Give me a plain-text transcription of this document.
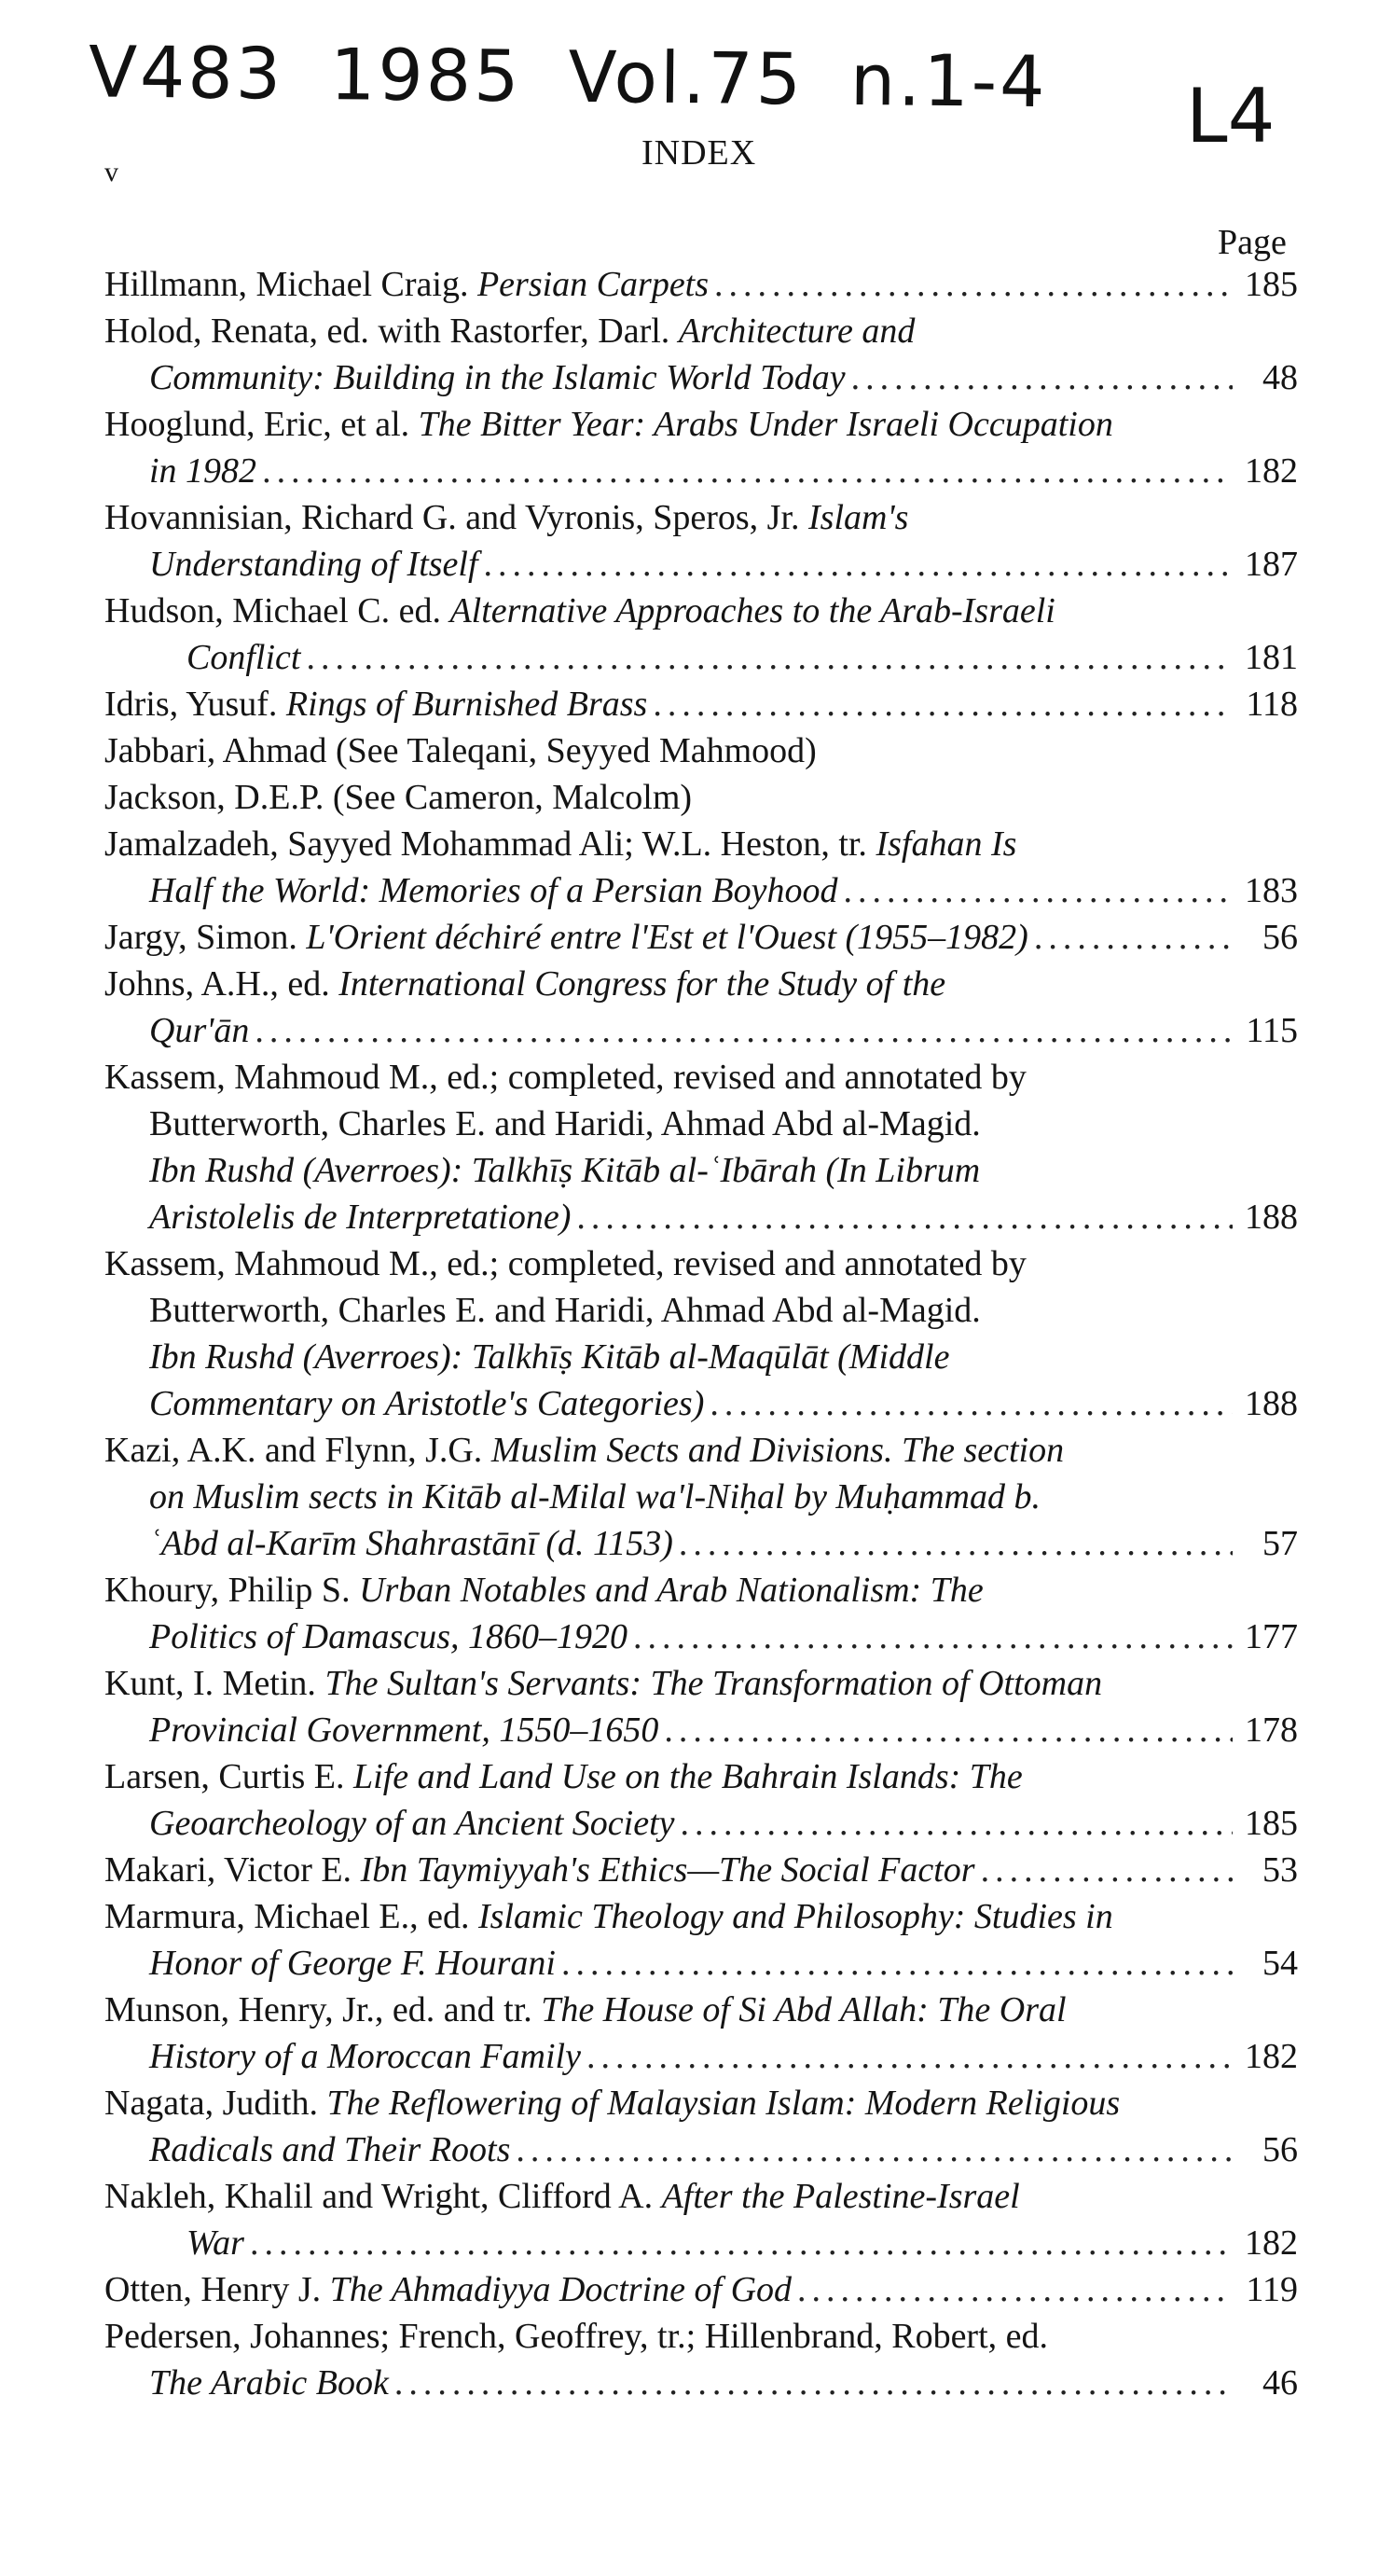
V483 1985 Vol.75 n.1-4	L4
v	INDEX
Page
Hillmann, Michael Craig. Persian Carpets .....	185
Holod, Renata, ed. with Rastorfer, Darl. Architecture and
Community: Building in the Islamic World Today .....	48
Hooglund, Eric, et al. The Bitter Year: Arabs Under Israeli Occupation
in 1982 .....	182
Hovannisian, Richard G. and Vyronis, Speros, Jr. Islam's
Understanding of Itself .....	187
Hudson, Michael C. ed. Alternative Approaches to the Arab-Israeli
Conflict .....	181
Idris, Yusuf. Rings of Burnished Brass .....	118
Jabbari, Ahmad (See Taleqani, Seyyed Mahmood)
Jackson, D.E.P. (See Cameron, Malcolm)
Jamalzadeh, Sayyed Mohammad Ali; W.L. Heston, tr. Isfahan Is
Half the World: Memories of a Persian Boyhood .....	183
Jargy, Simon. L'Orient déchiré entre l'Est et l'Ouest (1955–1982) .....	56
Johns, A.H., ed. International Congress for the Study of the
Qur'ān .....	115
Kassem, Mahmoud M., ed.; completed, revised and annotated by
Butterworth, Charles E. and Haridi, Ahmad Abd al-Magid.
Ibn Rushd (Averroes): Talkhīṣ Kitāb al-ʿIbārah (In Librum
Aristolelis de Interpretatione) .....	188
Kassem, Mahmoud M., ed.; completed, revised and annotated by
Butterworth, Charles E. and Haridi, Ahmad Abd al-Magid.
Ibn Rushd (Averroes): Talkhīṣ Kitāb al-Maqūlāt (Middle
Commentary on Aristotle's Categories) .....	188
Kazi, A.K. and Flynn, J.G. Muslim Sects and Divisions. The section
on Muslim sects in Kitāb al-Milal wa'l-Niḥal by Muḥammad b.
ʿAbd al-Karīm Shahrastānī (d. 1153) .....	57
Khoury, Philip S. Urban Notables and Arab Nationalism: The
Politics of Damascus, 1860–1920 .....	177
Kunt, I. Metin. The Sultan's Servants: The Transformation of Ottoman
Provincial Government, 1550–1650 .....	178
Larsen, Curtis E. Life and Land Use on the Bahrain Islands: The
Geoarcheology of an Ancient Society .....	185
Makari, Victor E. Ibn Taymiyyah's Ethics—The Social Factor .....	53
Marmura, Michael E., ed. Islamic Theology and Philosophy: Studies in
Honor of George F. Hourani .....	54
Munson, Henry, Jr., ed. and tr. The House of Si Abd Allah: The Oral
History of a Moroccan Family .....	182
Nagata, Judith. The Reflowering of Malaysian Islam: Modern Religious
Radicals and Their Roots .....	56
Nakleh, Khalil and Wright, Clifford A. After the Palestine-Israel
War .....	182
Otten, Henry J. The Ahmadiyya Doctrine of God .....	119
Pedersen, Johannes; French, Geoffrey, tr.; Hillenbrand, Robert, ed.
The Arabic Book .....	46
